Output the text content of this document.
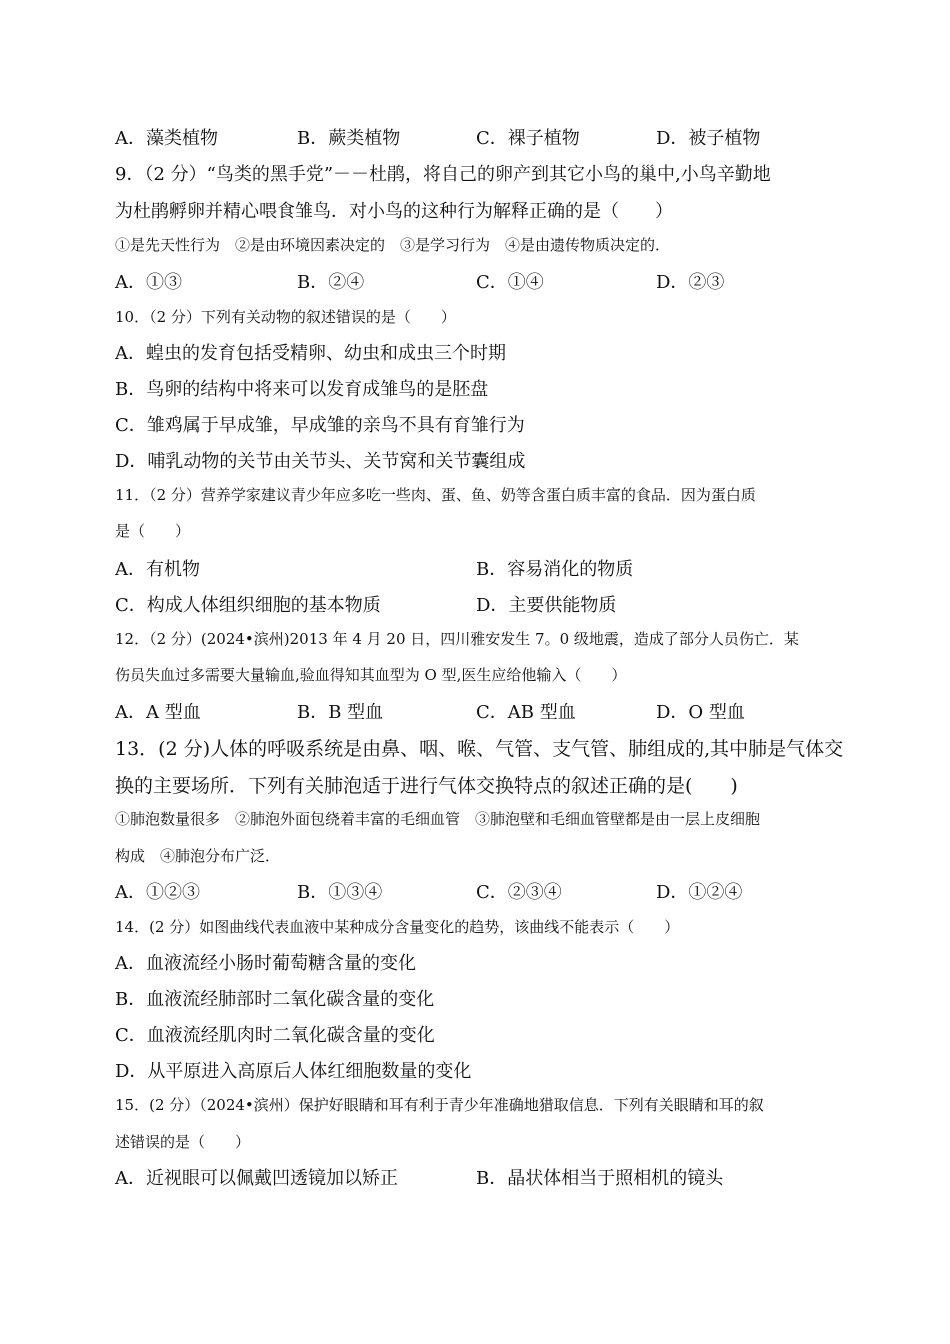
A．藻类植物	B．蕨类植物	C．裸子植物	D．被子植物
9．（2 分）“鸟类的黑手党”－－杜鹃，将自己的卵产到其它小鸟的巢中,小鸟辛勤地
为杜鹃孵卵并精心喂食雏鸟．对小鸟的这种行为解释正确的是（　　）
①是先天性行为　②是由环境因素决定的　③是学习行为　④是由遗传物质决定的．
A．①③	B．②④	C．①④	D．②③
10．（2 分）下列有关动物的叙述错误的是（　　）
A．蝗虫的发育包括受精卵、幼虫和成虫三个时期
B．鸟卵的结构中将来可以发育成雏鸟的是胚盘
C．雏鸡属于早成雏，早成雏的亲鸟不具有育雏行为
D．哺乳动物的关节由关节头、关节窝和关节囊组成
11．（2 分）营养学家建议青少年应多吃一些肉、蛋、鱼、奶等含蛋白质丰富的食品．因为蛋白质
是（　　）
A．有机物	B．容易消化的物质
C．构成人体组织细胞的基本物质	D．主要供能物质
12．（2 分）(2024•滨州)2013 年 4 月 20 日，四川雅安发生 7。0 级地震，造成了部分人员伤亡．某
伤员失血过多需要大量输血,验血得知其血型为 O 型,医生应给他输入（　　）
A．A 型血	B．B 型血	C．AB 型血	D．O 型血
13．(2 分)人体的呼吸系统是由鼻、咽、喉、气管、支气管、肺组成的,其中肺是气体交
换的主要场所．下列有关肺泡适于进行气体交换特点的叙述正确的是(　　)
①肺泡数量很多　②肺泡外面包绕着丰富的毛细血管　③肺泡壁和毛细血管壁都是由一层上皮细胞
构成　④肺泡分布广泛．
A．①②③	B．①③④	C．②③④	D．①②④
14．(2 分）如图曲线代表血液中某种成分含量变化的趋势，该曲线不能表示（　　）
A．血液流经小肠时葡萄糖含量的变化
B．血液流经肺部时二氧化碳含量的变化
C．血液流经肌肉时二氧化碳含量的变化
D．从平原进入高原后人体红细胞数量的变化
15．(2 分）（2024•滨州）保护好眼睛和耳有利于青少年准确地猎取信息．下列有关眼睛和耳的叙
述错误的是（　　）
A．近视眼可以佩戴凹透镜加以矫正	B．晶状体相当于照相机的镜头
